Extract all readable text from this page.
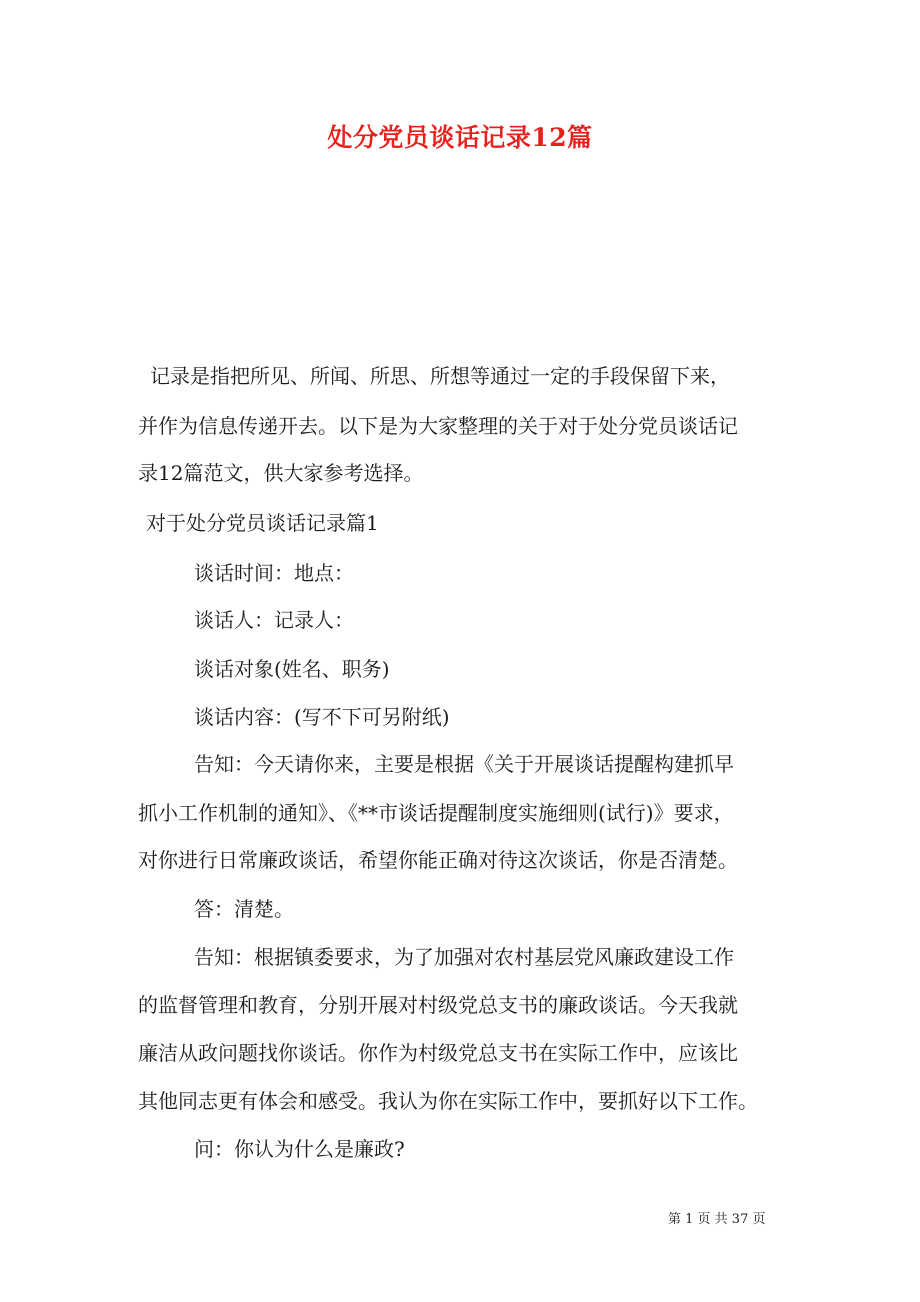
处分党员谈话记录12篇
记录是指把所见、所闻、所思、所想等通过一定的手段保留下来，
并作为信息传递开去。以下是为大家整理的关于对于处分党员谈话记
录12篇范文，供大家参考选择。
对于处分党员谈话记录篇1
谈话时间：地点：
谈话人：记录人：
谈话对象(姓名、职务)
谈话内容：(写不下可另附纸)
告知：今天请你来，主要是根据《关于开展谈话提醒构建抓早
抓小工作机制的通知》、《**市谈话提醒制度实施细则(试行)》要求，
对你进行日常廉政谈话，希望你能正确对待这次谈话，你是否清楚。
答：清楚。
告知：根据镇委要求，为了加强对农村基层党风廉政建设工作
的监督管理和教育，分别开展对村级党总支书的廉政谈话。今天我就
廉洁从政问题找你谈话。你作为村级党总支书在实际工作中，应该比
其他同志更有体会和感受。我认为你在实际工作中，要抓好以下工作。
问：你认为什么是廉政?
第 1 页 共 37 页
